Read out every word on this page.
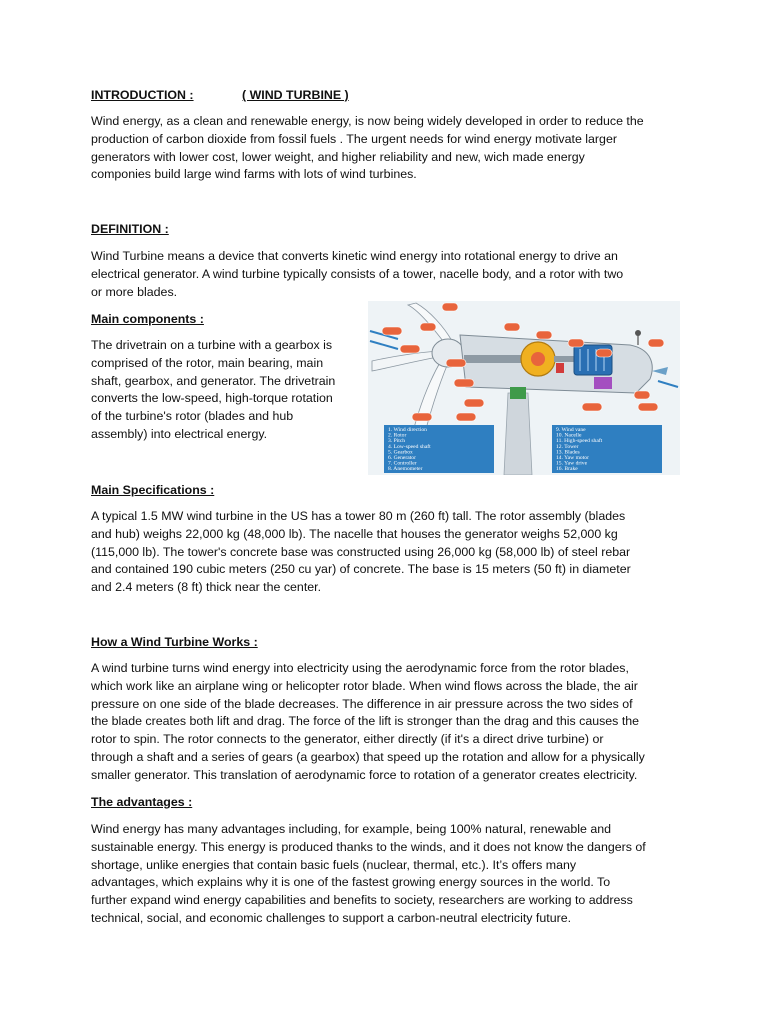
INTRODUCTION :	( WIND TURBINE )

Wind energy, as a clean and renewable energy, is now being widely developed in order to reduce the
production of carbon dioxide from fossil fuels . The urgent needs for wind energy motivate larger
generators with lower cost, lower weight, and higher reliability and new, wich made energy
componies build large wind farms with lots of wind turbines.

DEFINITION :

Wind Turbine means a device that converts kinetic wind energy into rotational energy to drive an
electrical generator. A wind turbine typically consists of a tower, nacelle body, and a rotor with two
or more blades.

Main components :

The drivetrain on a turbine with a gearbox is
comprised of the rotor, main bearing, main
shaft, gearbox, and generator. The drivetrain
converts the low-speed, high-torque rotation
of the turbine's rotor (blades and hub
assembly) into electrical energy.	1. Wind direction
2. Rotor
3. Pitch
4. Low-speed shaft
5. Gearbox
6. Generator
7. Controller
8. Anemometer
9. Wind vane
10. Nacelle
11. High-speed shaft
12. Tower
13. Blades
14. Yaw motor
15. Yaw drive
16. Brake
Main Specifications :

A typical 1.5 MW wind turbine in the US has a tower 80 m (260 ft) tall. The rotor assembly (blades
and hub) weighs 22,000 kg (48,000 lb). The nacelle that houses the generator weighs 52,000 kg
(115,000 lb). The tower's concrete base was constructed using 26,000 kg (58,000 lb) of steel rebar
and contained 190 cubic meters (250 cu yar) of concrete. The base is 15 meters (50 ft) in diameter
and 2.4 meters (8 ft) thick near the center.

How a Wind Turbine Works :

A wind turbine turns wind energy into electricity using the aerodynamic force from the rotor blades,
which work like an airplane wing or helicopter rotor blade. When wind flows across the blade, the air
pressure on one side of the blade decreases. The difference in air pressure across the two sides of
the blade creates both lift and drag. The force of the lift is stronger than the drag and this causes the
rotor to spin. The rotor connects to the generator, either directly (if it's a direct drive turbine) or
through a shaft and a series of gears (a gearbox) that speed up the rotation and allow for a physically
smaller generator. This translation of aerodynamic force to rotation of a generator creates electricity.

The advantages :

Wind energy has many advantages including, for example, being 100% natural, renewable and
sustainable energy. This energy is produced thanks to the winds, and it does not know the dangers of
shortage, unlike energies that contain basic fuels (nuclear, thermal, etc.). It’s offers many
advantages, which explains why it is one of the fastest growing energy sources in the world. To
further expand wind energy capabilities and benefits to society, researchers are working to address
technical, social, and economic challenges to support a carbon-neutral electricity future.
